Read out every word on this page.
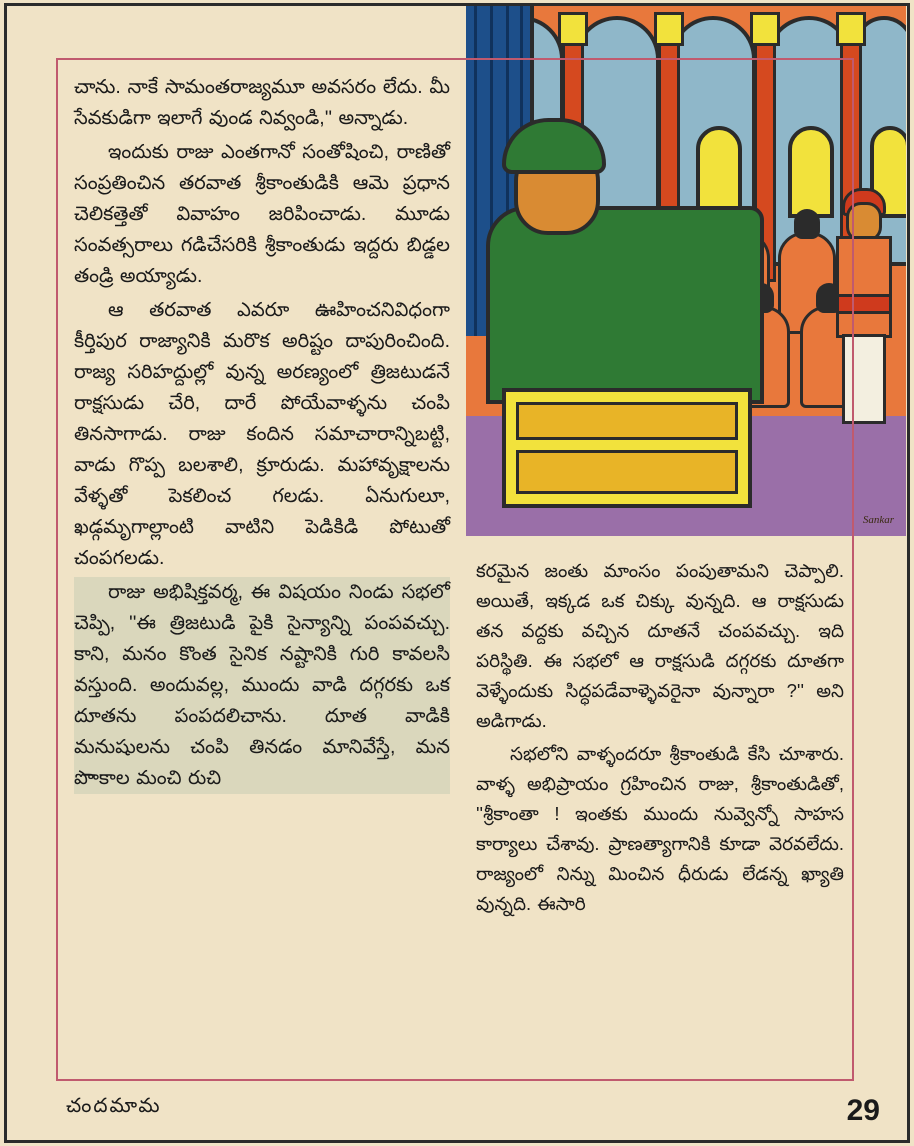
Sankar

చాను. నాకే సామంతరాజ్యమూ అవసరం లేదు. మీ సేవకుడిగా ఇలాగే వుండ నివ్వండి,'' అన్నాడు.

ఇందుకు రాజు ఎంతగానో సంతోషించి, రాణితో సంప్రతించిన తరవాత శ్రీకాంతుడికి ఆమె ప్రధాన చెలికత్తెతో వివాహం జరిపించాడు. మూడు సంవత్సరాలు గడిచేసరికి శ్రీకాంతుడు ఇద్దరు బిడ్డల తండ్రి అయ్యాడు.

ఆ తరవాత ఎవరూ ఊహించనివిధంగా కీర్తిపుర రాజ్యానికి మరొక అరిష్టం దాపురించింది. రాజ్య సరిహద్దుల్లో వున్న అరణ్యంలో త్రిజటుడనే రాక్షసుడు చేరి, దారే పోయేవాళ్ళను చంపి తినసాగాడు. రాజు కందిన సమాచారాన్నిబట్టి, వాడు గొప్ప బలశాలి, క్రూరుడు. మహావృక్షాలను వేళ్ళతో పెకలించ గలడు. ఏనుగులూ, ఖడ్గమృగాల్లాంటి వాటిని పెడికిడి పోటుతో చంపగలడు.

రాజు అభిషిక్తవర్మ, ఈ విషయం నిండు సభలో చెప్పి, ''ఈ త్రిజటుడి పైకి సైన్యాన్ని పంపవచ్చు. కాని, మనం కొంత సైనిక నష్టానికి గురి కావలసి వస్తుంది. అందువల్ల, ముందు వాడి దగ్గరకు ఒక దూతను పంపదలిచాను. దూత వాడికి మనుషులను చంపి తినడం మానివేస్తే, మన పొాకాల మంచి రుచి

కరమైన జంతు మాంసం పంపుతామని చెప్పాలి. అయితే, ఇక్కడ ఒక చిక్కు వున్నది. ఆ రాక్షసుడు తన వద్దకు వచ్చిన దూతనే చంపవచ్చు. ఇది పరిస్థితి. ఈ సభలో ఆ రాక్షసుడి దగ్గరకు దూతగా వెళ్ళేందుకు సిద్ధపడేవాళ్ళెవరైనా వున్నారా ?'' అని అడిగాడు.

సభలోని వాళ్ళందరూ శ్రీకాంతుడి కేసి చూశారు. వాళ్ళ అభిప్రాయం గ్రహించిన రాజు, శ్రీకాంతుడితో, ''శ్రీకాంతా ! ఇంతకు ముందు నువ్వెన్నో సాహస కార్యాలు చేశావు. ప్రాణత్యాగానికి కూడా వెరవలేదు. రాజ్యంలో నిన్ను మించిన ధీరుడు లేడన్న ఖ్యాతి వున్నది. ఈసారి

చందమామ	29
